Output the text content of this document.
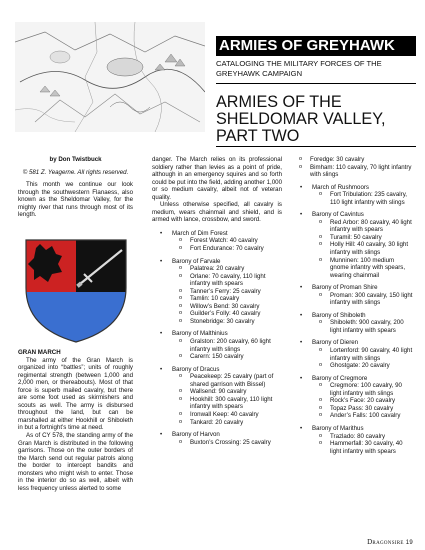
ARMIES OF GREYHAWK
CATALOGING THE MILITARY FORCES OF THE GREYHAWK CAMPAIGN
ARMIES OF THE SHELDOMAR VALLEY, PART TWO
by Don Twistbuck
© 581 Z. Yeagerne. All rights reserved.
This month we continue our look through the southwestern Flanaess, also known as the Sheldomar Valley, for the mighty river that runs through most of its length.
GRAN MARCH
The army of the Gran March is organized into “battles”; units of roughly regimental strength (between 1,000 and 2,000 men, or thereabouts). Most of that force is superb mailed cavalry, but there are some foot used as skirmishers and scouts as well. The army is disbursed throughout the land, but can be marshalled at either Hookhill or Shiboleth in but a fortnight’s time at need.
As of CY 578, the standing army of the Gran March is distributed in the following garrisons. Those on the outer borders of the March send out regular patrols along the border to intercept bandits and monsters who might wish to enter. Those in the interior do so as well, albeit with less frequency unless alerted to some
danger. The March relies on its professional soldiery rather than levies as a point of pride, although in an emergency squires and so forth could be put into the field, adding another 1,000 or so medium cavalry, albeit not of veteran quality.
Unless otherwise specified, all cavalry is medium, wears chainmail and shield, and is armed with lance, crossbow, and sword.
• March of Dim Forest
o Forest Watch: 40 cavalry
o Fort Endurance: 70 cavalry
• Barony of Farvale
o Palatrea: 20 cavalry
o Orlane: 70 cavalry, 110 light infantry with spears
o Tanner’s Ferry: 25 cavalry
o Tamlin: 10 cavalry
o Willow’s Bend: 30 cavalry
o Guilder’s Folly: 40 cavalry
o Stonebridge: 30 cavalry
• Barony of Malthinius
o Gralston: 200 cavalry, 60 light infantry with slings
o Carern: 150 cavalry
• Barony of Dracus
o Peacekeep: 25 cavalry (part of shared garrison with Bissel)
o Wallsend: 90 cavalry
o Hookhill: 300 cavalry, 110 light infantry with spears
o Ironwall Keep: 40 cavalry
o Tankard: 20 cavalry
• Barony of Harvon
o Buxton’s Crossing: 25 cavalry
o Foredge: 30 cavalry
o Bimham: 110 cavalry, 70 light infantry with slings
• March of Rushmoors
o Fort Tribulation: 235 cavalry, 110 light infantry with slings
• Barony of Cavintus
o Red Arbor: 80 cavalry, 40 light infantry with spears
o Turamil: 50 cavalry
o Holly Hill: 40 cavalry, 30 light infantry with slings
o Munninen: 100 medium gnome infantry with spears, wearing chainmail
• Barony of Proman Shire
o Proman: 300 cavalry, 150 light infantry with slings
• Barony of Shiboleth
o Shiboleth: 900 cavalry, 200 light infantry with spears
• Barony of Dieren
o Lortenford: 90 cavalry, 40 light infantry with slings
o Ghostgate: 20 cavalry
• Barony of Cregmore
o Cregmore: 100 cavalry, 90 light infantry with slings
o Rock’s Face: 20 cavalry
o Topaz Pass: 30 cavalry
o Ander’s Falls: 100 cavalry
• Barony of Marithus
o Trazlado: 80 cavalry
o Hammerfall: 30 cavalry, 40 light infantry with spears
Dragonsire 19
